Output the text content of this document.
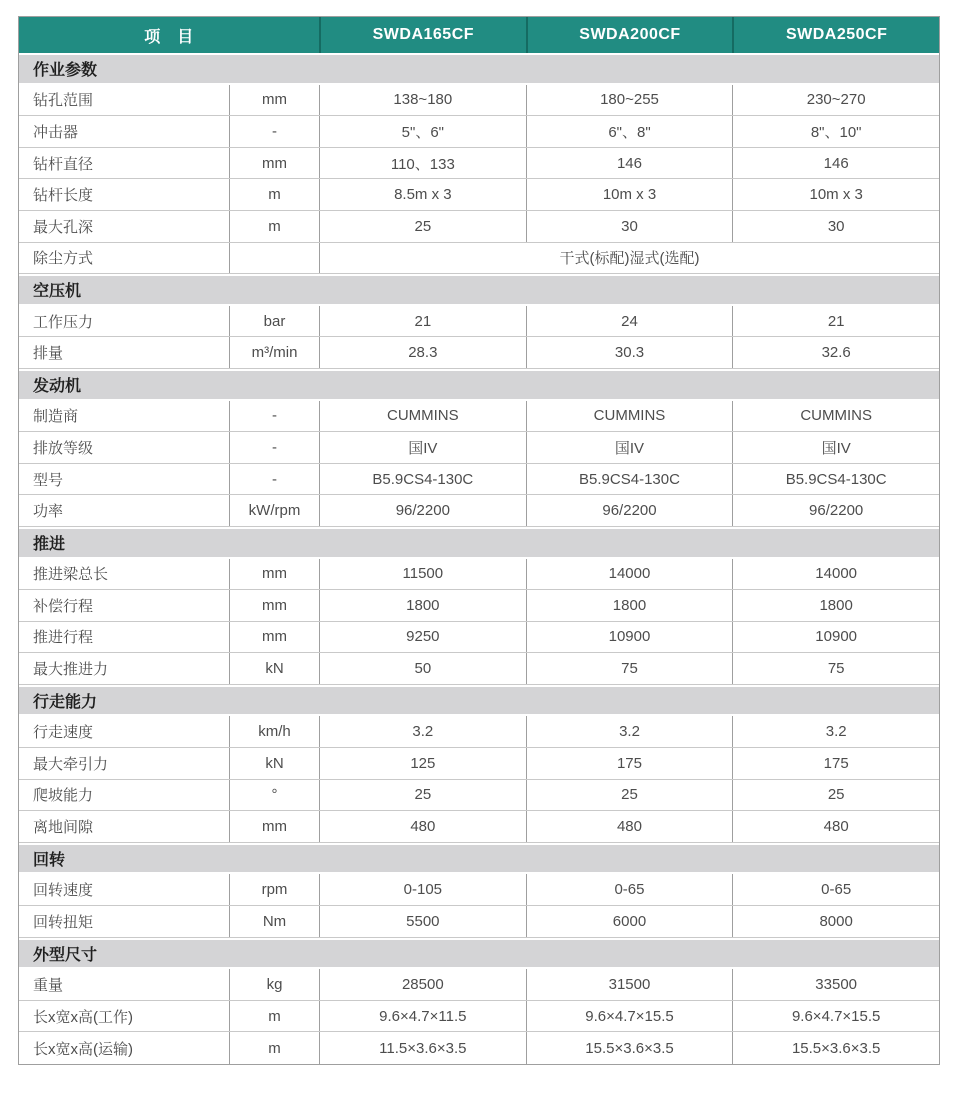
项　目	SWDA165CF	SWDA200CF	SWDA250CF
作业参数
钻孔范围	mm	138~180	180~255	230~270
冲击器	-	5"、6"	6"、8"	8"、10"
钻杆直径	mm	110、133	146	146
钻杆长度	m	8.5m x 3	10m x 3	10m x 3
最大孔深	m	25	30	30
除尘方式	干式(标配)湿式(选配)
空压机
工作压力	bar	21	24	21
排量	m³/min	28.3	30.3	32.6
发动机
制造商	-	CUMMINS	CUMMINS	CUMMINS
排放等级	-	国IV	国IV	国IV
型号	-	B5.9CS4-130C	B5.9CS4-130C	B5.9CS4-130C
功率	kW/rpm	96/2200	96/2200	96/2200
推进
推进梁总长	mm	11500	14000	14000
补偿行程	mm	1800	1800	1800
推进行程	mm	9250	10900	10900
最大推进力	kN	50	75	75
行走能力
行走速度	km/h	3.2	3.2	3.2
最大牵引力	kN	125	175	175
爬坡能力	°	25	25	25
离地间隙	mm	480	480	480
回转
回转速度	rpm	0-105	0-65	0-65
回转扭矩	Nm	5500	6000	8000
外型尺寸
重量	kg	28500	31500	33500
长x宽x高(工作)	m	9.6×4.7×11.5	9.6×4.7×15.5	9.6×4.7×15.5
长x宽x高(运输)	m	11.5×3.6×3.5	15.5×3.6×3.5	15.5×3.6×3.5
